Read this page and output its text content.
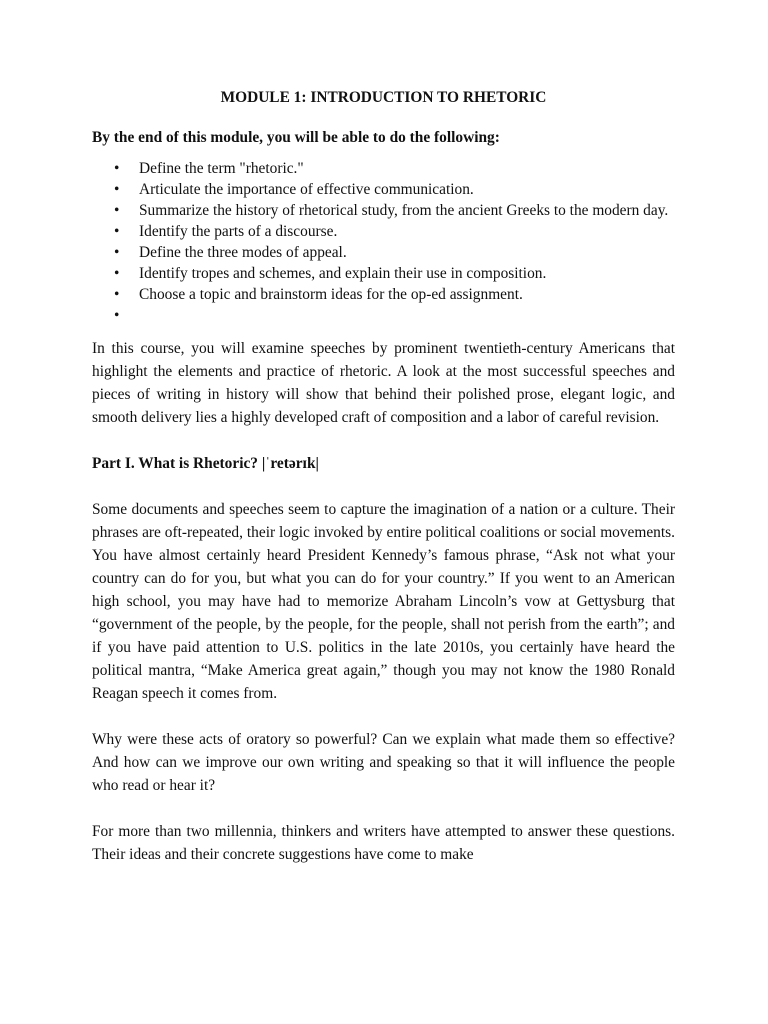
MODULE 1: INTRODUCTION TO RHETORIC
By the end of this module, you will be able to do the following:
• Define the term "rhetoric."
• Articulate the importance of effective communication.
• Summarize the history of rhetorical study, from the ancient Greeks to the modern day.
• Identify the parts of a discourse.
• Define the three modes of appeal.
• Identify tropes and schemes, and explain their use in composition.
• Choose a topic and brainstorm ideas for the op-ed assignment.
•

In this course, you will examine speeches by prominent twentieth-century Americans that highlight the elements and practice of rhetoric. A look at the most successful speeches and pieces of writing in history will show that behind their polished prose, elegant logic, and smooth delivery lies a highly developed craft of composition and a labor of careful revision.

Part I. What is Rhetoric? |ˈretərɪk|

Some documents and speeches seem to capture the imagination of a nation or a culture. Their phrases are oft-repeated, their logic invoked by entire political coalitions or social movements. You have almost certainly heard President Kennedy’s famous phrase, “Ask not what your country can do for you, but what you can do for your country.” If you went to an American high school, you may have had to memorize Abraham Lincoln’s vow at Gettysburg that “government of the people, by the people, for the people, shall not perish from the earth”; and if you have paid attention to U.S. politics in the late 2010s, you certainly have heard the political mantra, “Make America great again,” though you may not know the 1980 Ronald Reagan speech it comes from.

Why were these acts of oratory so powerful? Can we explain what made them so effective? And how can we improve our own writing and speaking so that it will influence the people who read or hear it?

For more than two millennia, thinkers and writers have attempted to answer these questions. Their ideas and their concrete suggestions have come to make
